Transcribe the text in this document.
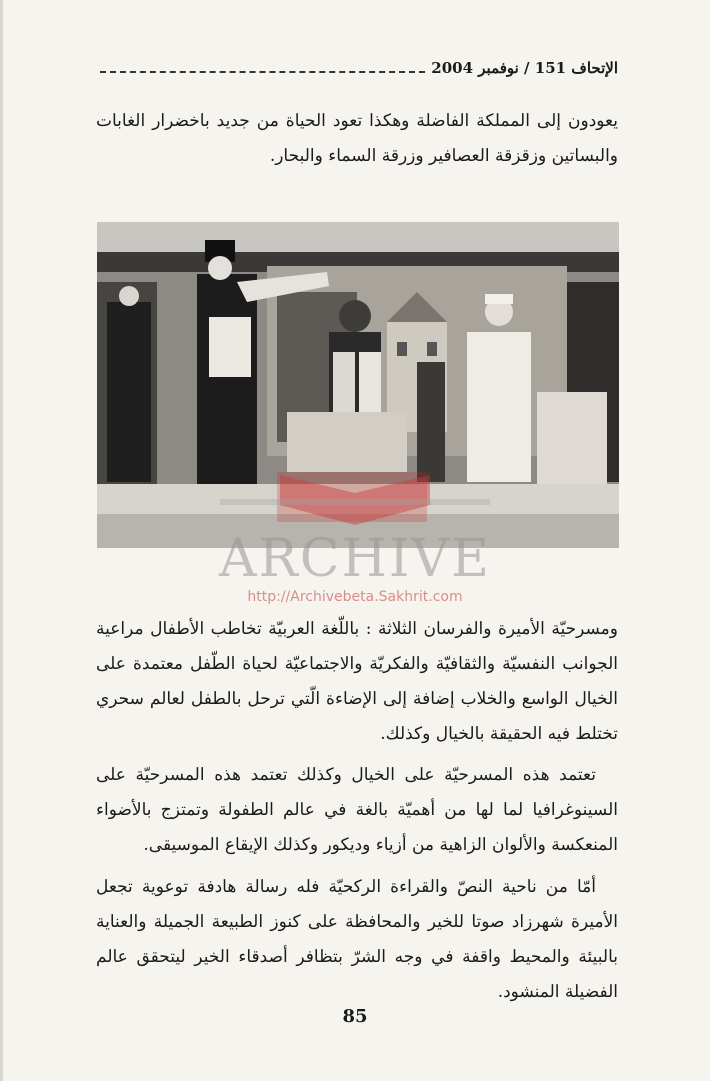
الإتحاف 151 / نوفمبر 2004

يعودون إلى المملكة الفاضلة وهكذا تعود الحياة من جديد باخضرار الغابات والبساتين وزقزقة العصافير وزرقة السماء والبحار.

ARCHIVE
http://Archivebeta.Sakhrit.com

ومسرحيّة الأميرة والفرسان الثلاثة : باللّغة العربيّة تخاطب الأطفال مراعية الجوانب النفسيّة والثقافيّة والفكريّة والاجتماعيّة لحياة الطّفل معتمدة على الخيال الواسع والخلاب إضافة إلى الإضاءة الّتي ترحل بالطفل لعالم سحري تختلط فيه الحقيقة بالخيال وكذلك.

تعتمد هذه المسرحيّة على الخيال وكذلك تعتمد هذه المسرحيّة على السينوغرافيا لما لها من أهميّة بالغة في عالم الطفولة وتمتزج بالأضواء المنعكسة والألوان الزاهية من أزياء وديكور وكذلك الإيقاع الموسيقى.

أمّا من ناحية النصّ والقراءة الركحيّة فله رسالة هادفة توعوية تجعل الأميرة شهرزاد صوتا للخير والمحافظة على كنوز الطبيعة الجميلة والعناية بالبيئة والمحيط واقفة في وجه الشرّ بتظافر أصدقاء الخير ليتحقق عالم الفضيلة المنشود.

85
